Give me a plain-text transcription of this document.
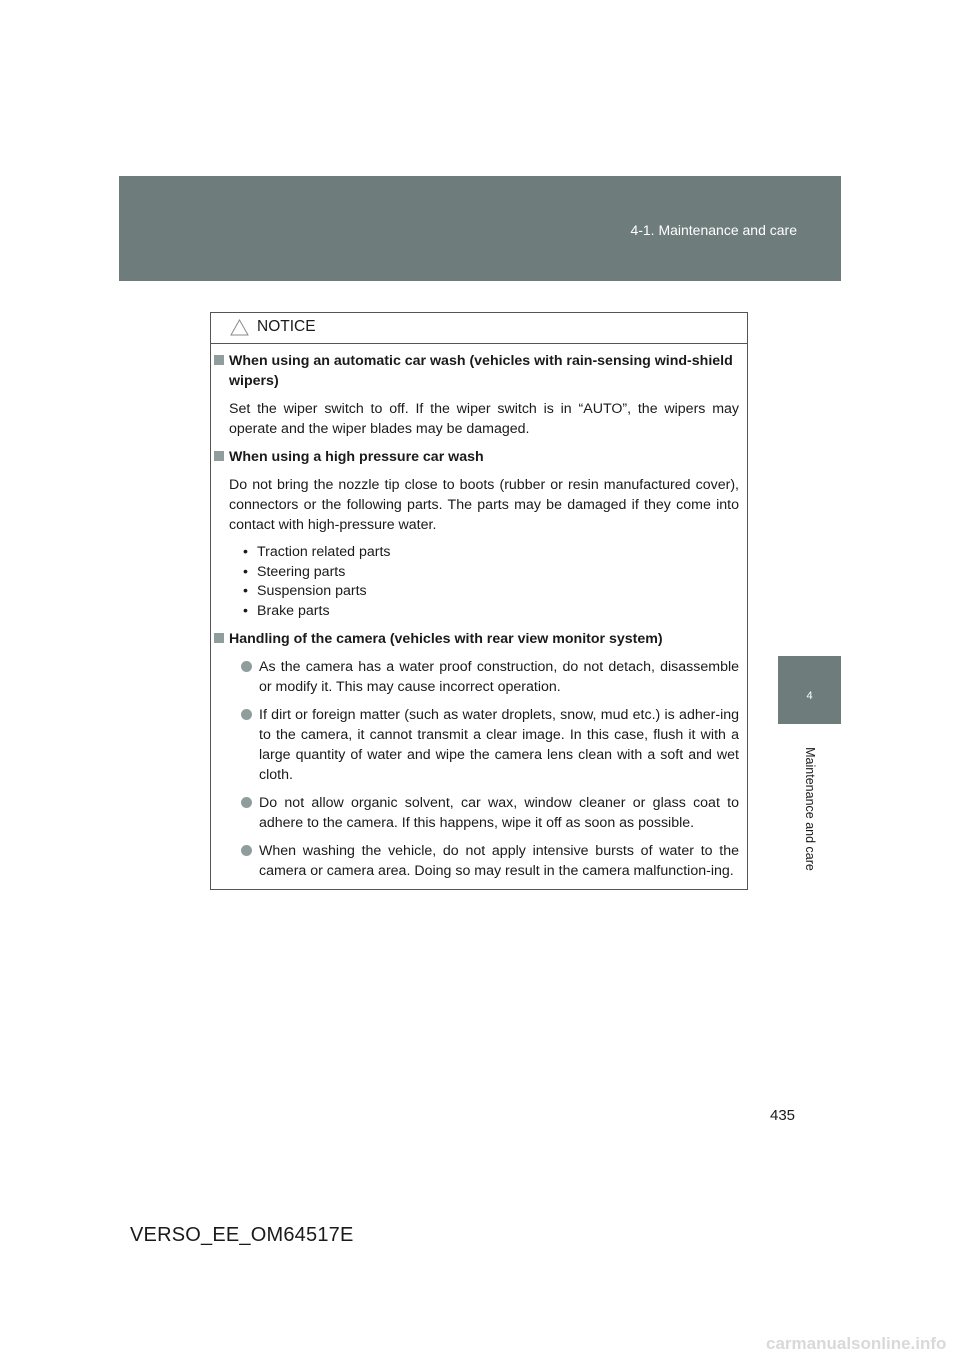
4-1. Maintenance and care
4
Maintenance and care
NOTICE
When using an automatic car wash (vehicles with rain-sensing wind-shield wipers)
Set the wiper switch to off. If the wiper switch is in “AUTO”, the wipers may operate and the wiper blades may be damaged.
When using a high pressure car wash
Do not bring the nozzle tip close to boots (rubber or resin manufactured cover), connectors or the following parts. The parts may be damaged if they come into contact with high-pressure water.
• Traction related parts
• Steering parts
• Suspension parts
• Brake parts
Handling of the camera (vehicles with rear view monitor system)
As the camera has a water proof construction, do not detach, disassemble or modify it. This may cause incorrect operation.
If dirt or foreign matter (such as water droplets, snow, mud etc.) is adher-ing to the camera, it cannot transmit a clear image. In this case, flush it with a large quantity of water and wipe the camera lens clean with a soft and wet cloth.
Do not allow organic solvent, car wax, window cleaner or glass coat to adhere to the camera. If this happens, wipe it off as soon as possible.
When washing the vehicle, do not apply intensive bursts of water to the camera or camera area. Doing so may result in the camera malfunction-ing.
435
VERSO_EE_OM64517E
carmanualsonline.info
